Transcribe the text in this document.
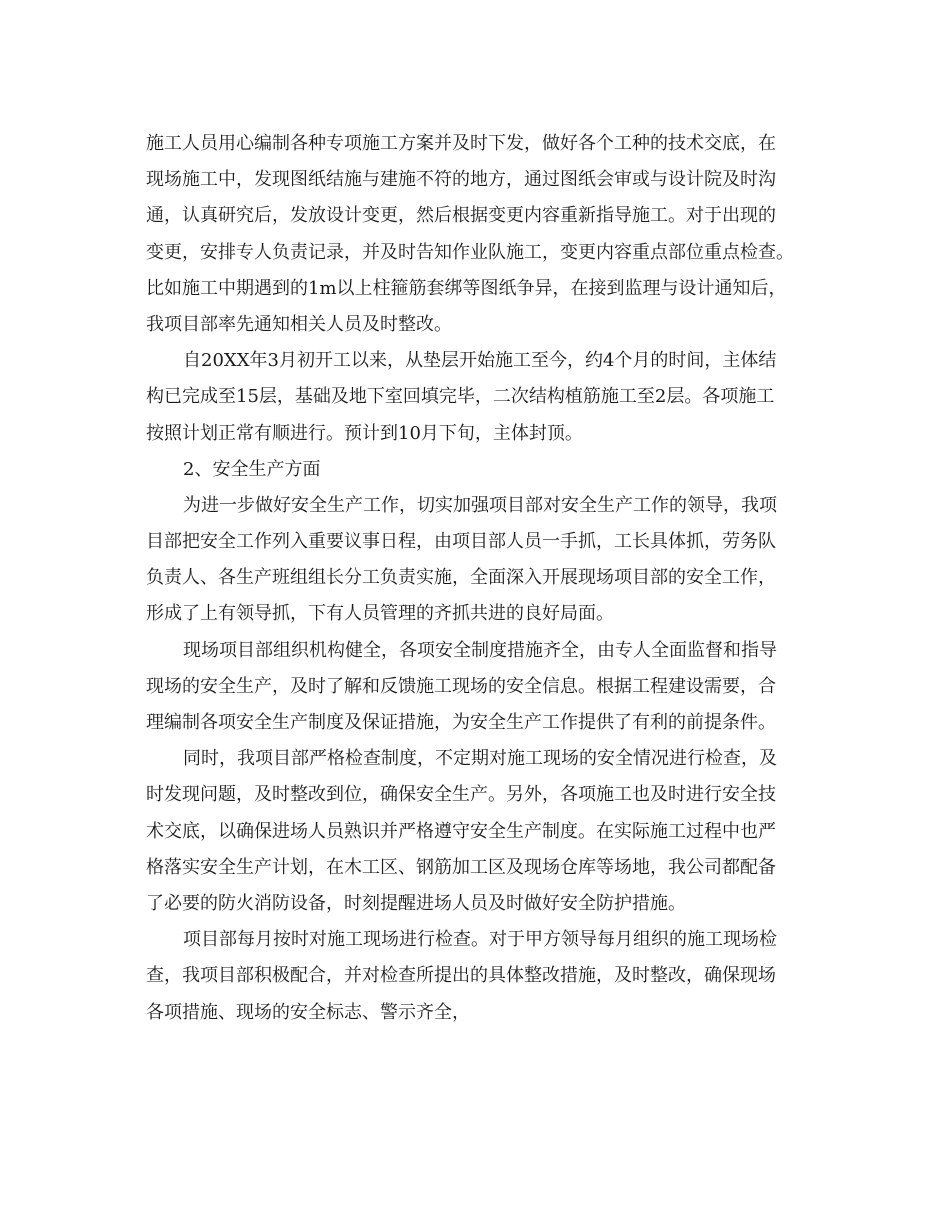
施工人员用心编制各种专项施工方案并及时下发，做好各个工种的技术交底，在
现场施工中，发现图纸结施与建施不符的地方，通过图纸会审或与设计院及时沟
通，认真研究后，发放设计变更，然后根据变更内容重新指导施工。对于出现的
变更，安排专人负责记录，并及时告知作业队施工，变更内容重点部位重点检查。
比如施工中期遇到的1m以上柱箍筋套绑等图纸争异，在接到监理与设计通知后，
我项目部率先通知相关人员及时整改。
自20XX年3月初开工以来，从垫层开始施工至今，约4个月的时间，主体结
构已完成至15层，基础及地下室回填完毕，二次结构植筋施工至2层。各项施工
按照计划正常有顺进行。预计到10月下旬，主体封顶。
2、安全生产方面
为进一步做好安全生产工作，切实加强项目部对安全生产工作的领导，我项
目部把安全工作列入重要议事日程，由项目部人员一手抓，工长具体抓，劳务队
负责人、各生产班组组长分工负责实施，全面深入开展现场项目部的安全工作，
形成了上有领导抓，下有人员管理的齐抓共进的良好局面。
现场项目部组织机构健全，各项安全制度措施齐全，由专人全面监督和指导
现场的安全生产，及时了解和反馈施工现场的安全信息。根据工程建设需要，合
理编制各项安全生产制度及保证措施，为安全生产工作提供了有利的前提条件。
同时，我项目部严格检查制度，不定期对施工现场的安全情况进行检查，及
时发现问题，及时整改到位，确保安全生产。另外，各项施工也及时进行安全技
术交底，以确保进场人员熟识并严格遵守安全生产制度。在实际施工过程中也严
格落实安全生产计划，在木工区、钢筋加工区及现场仓库等场地，我公司都配备
了必要的防火消防设备，时刻提醒进场人员及时做好安全防护措施。
项目部每月按时对施工现场进行检查。对于甲方领导每月组织的施工现场检
查，我项目部积极配合，并对检查所提出的具体整改措施，及时整改，确保现场
各项措施、现场的安全标志、警示齐全，
